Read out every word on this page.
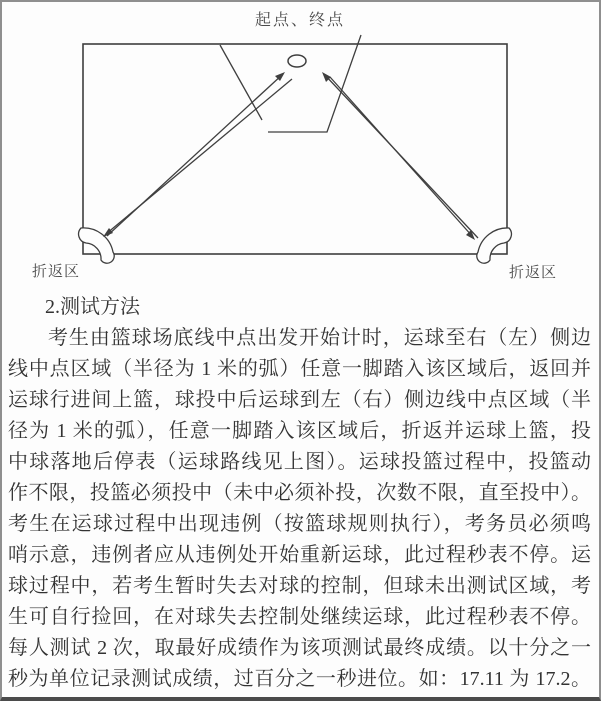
起点、终点
折返区	折返区
2.测试方法
考生由篮球场底线中点出发开始计时，运球至右（左）侧边
线中点区域（半径为 1 米的弧）任意一脚踏入该区域后，返回并
运球行进间上篮，球投中后运球到左（右）侧边线中点区域（半
径为 1 米的弧），任意一脚踏入该区域后，折返并运球上篮，投
中球落地后停表（运球路线见上图）。运球投篮过程中，投篮动
作不限，投篮必须投中（未中必须补投，次数不限，直至投中）。
考生在运球过程中出现违例（按篮球规则执行），考务员必须鸣
哨示意，违例者应从违例处开始重新运球，此过程秒表不停。运
球过程中，若考生暂时失去对球的控制，但球未出测试区域，考
生可自行捡回，在对球失去控制处继续运球，此过程秒表不停。
每人测试 2 次，取最好成绩作为该项测试最终成绩。以十分之一
秒为单位记录测试成绩，过百分之一秒进位。如：17.11 为 17.2。
